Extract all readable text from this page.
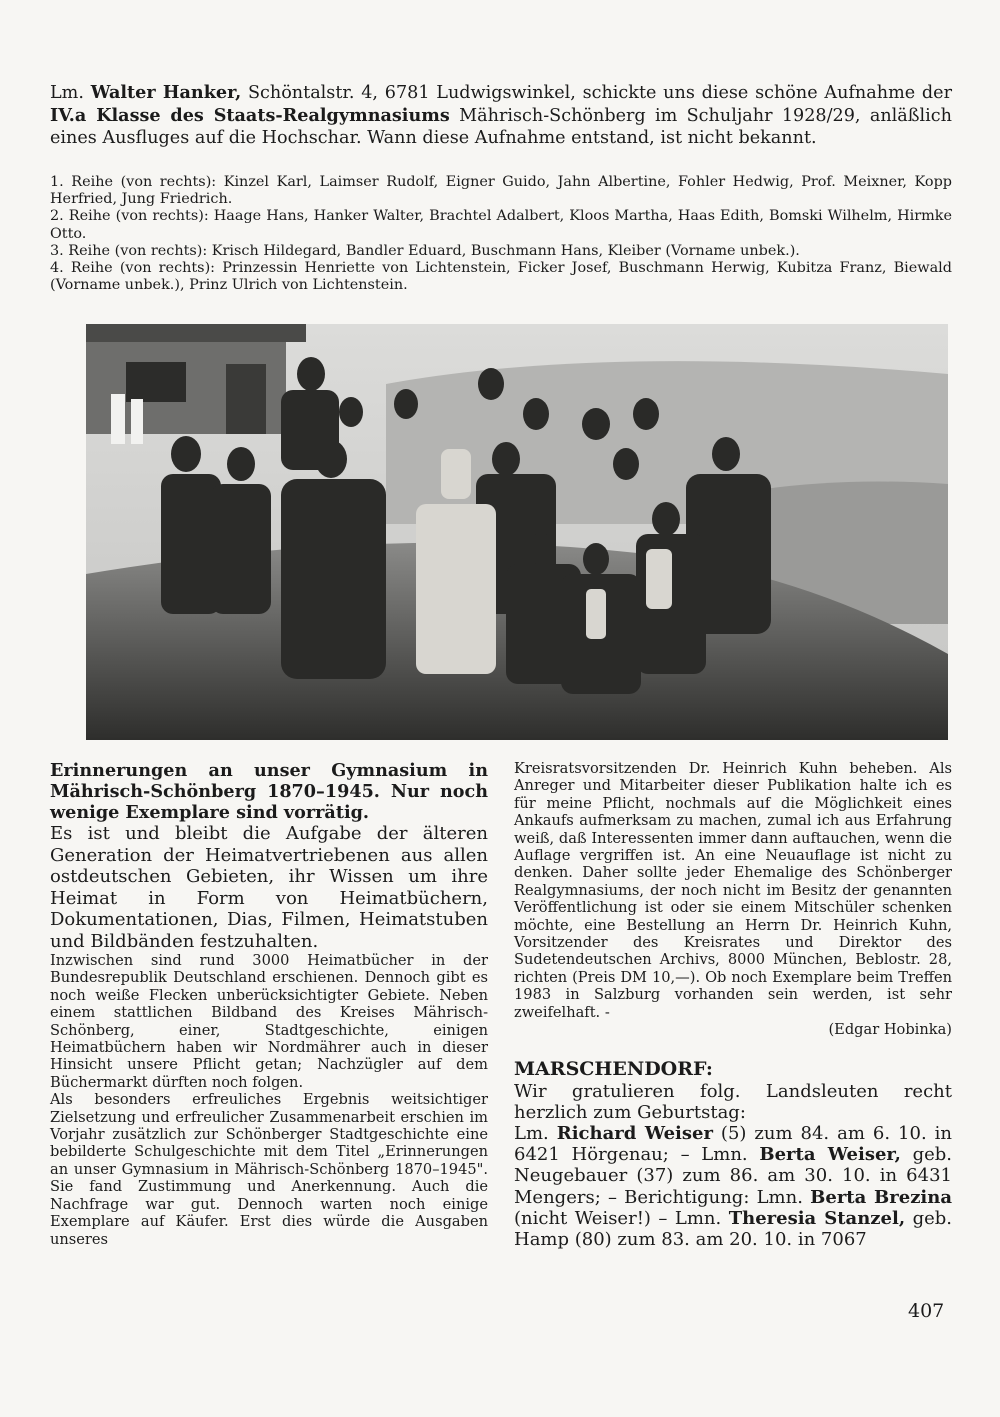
Lm. Walter Hanker, Schöntalstr. 4, 6781 Ludwigswinkel, schickte uns diese schöne Aufnahme der IV.a Klasse des Staats-Realgymnasiums Mährisch-Schönberg im Schuljahr 1928/29, anläßlich eines Ausfluges auf die Hochschar. Wann diese Aufnahme entstand, ist nicht bekannt.

1. Reihe (von rechts): Kinzel Karl, Laimser Rudolf, Eigner Guido, Jahn Albertine, Fohler Hedwig, Prof. Meixner, Kopp Herfried, Jung Friedrich.

2. Reihe (von rechts): Haage Hans, Hanker Walter, Brachtel Adalbert, Kloos Martha, Haas Edith, Bomski Wilhelm, Hirmke Otto.

3. Reihe (von rechts): Krisch Hildegard, Bandler Eduard, Buschmann Hans, Kleiber (Vorname unbek.).

4. Reihe (von rechts): Prinzessin Henriette von Lichtenstein, Ficker Josef, Buschmann Herwig, Kubitza Franz, Biewald (Vorname unbek.), Prinz Ulrich von Lichtenstein.

Erinnerungen an unser Gymnasium in Mährisch-Schönberg 1870–1945. Nur noch wenige Exemplare sind vorrätig.

Es ist und bleibt die Aufgabe der älteren Generation der Heimatvertriebenen aus allen ostdeutschen Gebieten, ihr Wissen um ihre Heimat in Form von Heimatbüchern, Dokumentationen, Dias, Filmen, Heimatstuben und Bildbänden festzuhalten.

Inzwischen sind rund 3000 Heimatbücher in der Bundesrepublik Deutschland erschienen. Dennoch gibt es noch weiße Flecken unberücksichtigter Gebiete. Neben einem stattlichen Bildband des Kreises Mährisch-Schönberg, einer, Stadtgeschichte, einigen Heimatbüchern haben wir Nordmährer auch in dieser Hinsicht unsere Pflicht getan; Nachzügler auf dem Büchermarkt dürften noch folgen.

Als besonders erfreuliches Ergebnis weitsichtiger Zielsetzung und erfreulicher Zusammenarbeit erschien im Vorjahr zusätzlich zur Schönberger Stadtgeschichte eine bebilderte Schulgeschichte mit dem Titel „Erinnerungen an unser Gymnasium in Mährisch-Schönberg 1870–1945". Sie fand Zustimmung und Anerkennung. Auch die Nachfrage war gut. Dennoch warten noch einige Exemplare auf Käufer. Erst dies würde die Ausgaben unseres

Kreisratsvorsitzenden Dr. Heinrich Kuhn beheben. Als Anreger und Mitarbeiter dieser Publikation halte ich es für meine Pflicht, nochmals auf die Möglichkeit eines Ankaufs aufmerksam zu machen, zumal ich aus Erfahrung weiß, daß Interessenten immer dann auftauchen, wenn die Auflage vergriffen ist. An eine Neuauflage ist nicht zu denken. Daher sollte jeder Ehemalige des Schönberger Realgymnasiums, der noch nicht im Besitz der genannten Veröffentlichung ist oder sie einem Mitschüler schenken möchte, eine Bestellung an Herrn Dr. Heinrich Kuhn, Vorsitzender des Kreisrates und Direktor des Sudetendeutschen Archivs, 8000 München, Beblostr. 28, richten (Preis DM 10,—). Ob noch Exemplare beim Treffen 1983 in Salzburg vorhanden sein werden, ist sehr zweifelhaft. -

(Edgar Hobinka)

MARSCHENDORF:

Wir gratulieren folg. Landsleuten recht herzlich zum Geburtstag:

Lm. Richard Weiser (5) zum 84. am 6. 10. in 6421 Hörgenau; – Lmn. Berta Weiser, geb. Neugebauer (37) zum 86. am 30. 10. in 6431 Mengers; – Berichtigung: Lmn. Berta Brezina (nicht Weiser!) – Lmn. Theresia Stanzel, geb. Hamp (80) zum 83. am 20. 10. in 7067

407
